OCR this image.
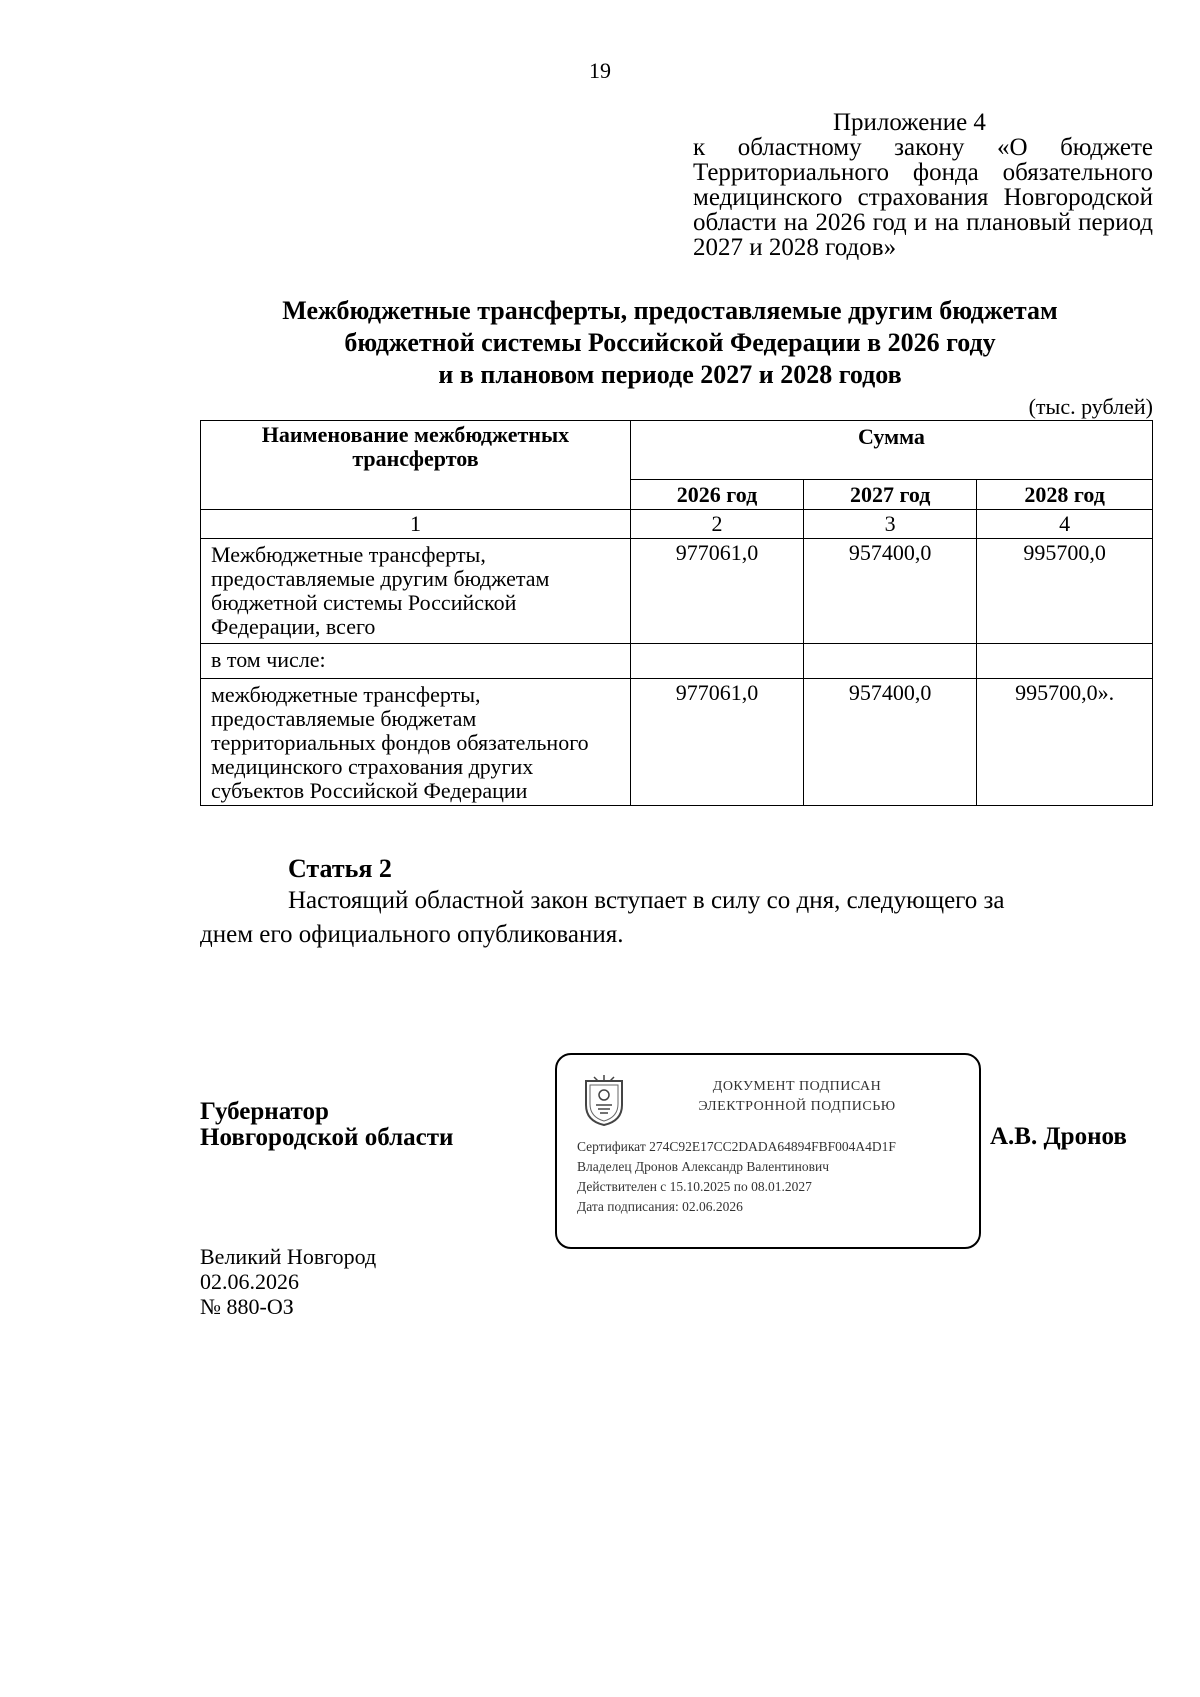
19
Приложение 4
к областному закону «О бюджете Территориального фонда обязательного медицинского страхования Новгородской области на 2026 год и на плановый период 2027 и 2028 годов»
Межбюджетные трансферты, предоставляемые другим бюджетам
бюджетной системы Российской Федерации в 2026 году
и в плановом периоде 2027 и 2028 годов
(тыс. рублей)
Наименование межбюджетных трансфертов	Сумма		
	2026 год	2027 год	2028 год
1	2	3	4
Межбюджетные трансферты, предоставляемые другим бюджетам бюджетной системы Российской Федерации, всего	977061,0	957400,0	995700,0
в том числе:			
межбюджетные трансферты, предоставляемые бюджетам территориальных фондов обязательного медицинского страхования других субъектов Российской Федерации	977061,0	957400,0	995700,0».
Статья 2
Настоящий областной закон вступает в силу со дня, следующего за
днем его официального опубликования.
Губернатор
Новгородской области
ДОКУМЕНТ ПОДПИСАН
ЭЛЕКТРОННОЙ ПОДПИСЬЮ
Сертификат 274C92E17CC2DADA64894FBF004A4D1F
Владелец Дронов Александр Валентинович
Действителен с 15.10.2025 по 08.01.2027
Дата подписания: 02.06.2026
А.В. Дронов
Великий Новгород
02.06.2026
№ 880-ОЗ
